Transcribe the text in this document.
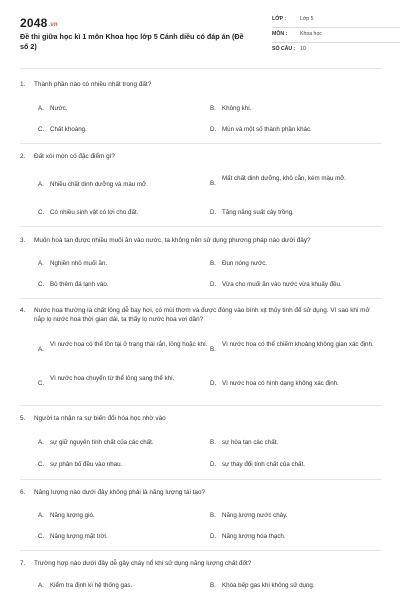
2048.vn
Đề thi giữa học kì 1 môn Khoa học lớp 5 Cánh diều có đáp án (Đề số 2)
LỚP :	Lớp 5
MÔN : Khoa học
SỐ CÂU : 10
1. Thành phần nào có nhiều nhất trong đất?
A. Nước.	B. Không khí.
C. Chất khoáng.	D. Mùn và một số thành phần khác.
2. Đất xói mòn có đặc điểm gì?
A. Nhiều chất dinh dưỡng và màu mỡ.	B.
Mất chất dinh dưỡng, khô cằn, kém màu mỡ.
C. Có nhiều sinh vật có lợi cho đất.	D. Tăng năng suất cây trồng.
3. Muốn hoà tan được nhiều muối ăn vào nước, ta không nên sử dụng phương pháp nào dưới đây?
A. Nghiền nhỏ muối ăn.	B. Đun nóng nước.
C. Bỏ thêm đá lạnh vào.	D. Vừa cho muối ăn vào nước vừa khuấy đều.
4. Nước hoa thường là chất lỏng dễ bay hơi, có mùi thơm và được đóng vào bình xịt thủy tinh để sử dụng. Vì sao khi mở nắp lọ nước hoa thời gian dài, ta thấy lọ nước hoa vơi dần?
A.
Vì nước hoa có thể tồn tại ở trạng thái rắn, lỏng hoặc khí.
B.
Vì nước hoa có thể chiếm khoảng không gian xác định.
C.
Vì nước hoa chuyển từ thể lỏng sang thể khí.
D. Vì nước hoa có hình dạng không xác định.
5. Người ta nhận ra sự biến đổi hóa học nhờ vào
A. sự giữ nguyên tính chất của các chất.	B. sự hòa tan các chất.
C. sự phân bố đều vào nhau.	D. sự thay đổi tính chất của chất.
6. Năng lượng nào dưới đây không phải là năng lượng tái tạo?
A. Năng lượng gió.	B. Năng lượng nước chảy.
C. Năng lượng mặt trời.	D. Năng lượng hóa thạch.
7. Trường hợp nào dưới đây dễ gây cháy nổ khi sử dụng năng lượng chất đốt?
A. Kiểm tra định kì hệ thống gas.	B. Khóa bếp gas khi không sử dụng.
